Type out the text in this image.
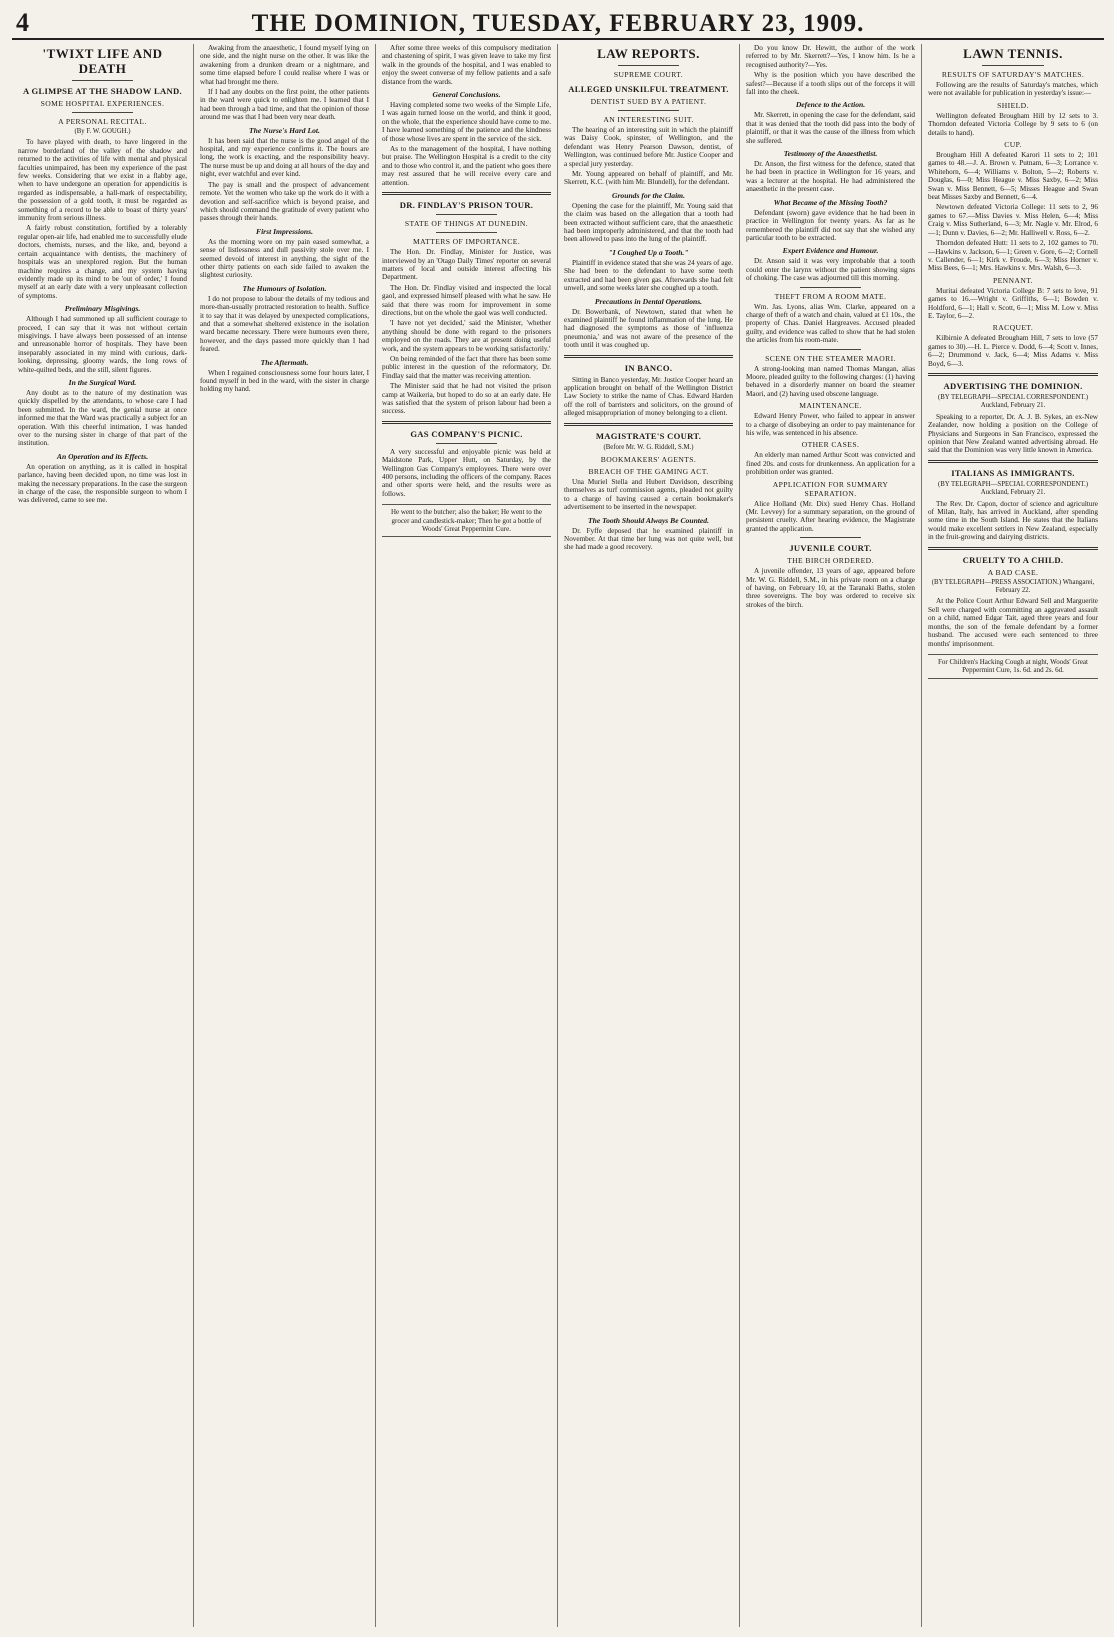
4	THE DOMINION, TUESDAY, FEBRUARY 23, 1909.
'TWIXT LIFE AND DEATH
A GLIMPSE AT THE SHADOW LAND.
SOME HOSPITAL EXPERIENCES.
A PERSONAL RECITAL.
(By F. W. GOUGH.)

To have played with death, to have lingered in the narrow borderland of the valley of the shadow and returned to the activities of life with mental and physical faculties unimpaired, has been my experience of the past few weeks. Considering that we exist in a flabby age, when to have undergone an operation for appendicitis is regarded as indispensable, a hall-mark of respectability, the possession of a gold tooth, it must be regarded as something of a record to be able to boast of thirty years' immunity from serious illness.

A fairly robust constitution, fortified by a tolerably regular open-air life, had enabled me to successfully elude doctors, chemists, nurses, and the like, and, beyond a certain acquaintance with dentists, the machinery of hospitals was an unexplored region. But the human machine requires a change, and my system having evidently made up its mind to be 'out of order,' I found myself at an early date with a very unpleasant collection of symptoms.

Preliminary Misgivings.

Although I had summoned up all sufficient courage to proceed, I can say that it was not without certain misgivings. I have always been possessed of an intense and unreasonable horror of hospitals. They have been inseparably associated in my mind with curious, dark-looking, depressing, gloomy wards, the long rows of white-quilted beds, and the still, silent figures.

In the Surgical Ward.

Any doubt as to the nature of my destination was quickly dispelled by the attendants, to whose care I had been submitted. In the ward, the genial nurse at once informed me that the Ward was practically a subject for an operation. With this cheerful intimation, I was handed over to the nursing sister in charge of that part of the institution.

An Operation and its Effects.

An operation on anything, as it is called in hospital parlance, having been decided upon, no time was lost in making the necessary preparations. In the case the surgeon in charge of the case, the responsible surgeon to whom I was delivered, came to see me.

Awaking from the anaesthetic, I found myself lying on one side, and the night nurse on the other. It was like the awakening from a drunken dream or a nightmare, and some time elapsed before I could realise where I was or what had brought me there.

If I had any doubts on the first point, the other patients in the ward were quick to enlighten me. I learned that I had been through a bad time, and that the opinion of those around me was that I had been very near death.

The Nurse's Hard Lot.

It has been said that the nurse is the good angel of the hospital, and my experience confirms it. The hours are long, the work is exacting, and the responsibility heavy. The nurse must be up and doing at all hours of the day and night, ever watchful and ever kind.

The pay is small and the prospect of advancement remote. Yet the women who take up the work do it with a devotion and self-sacrifice which is beyond praise, and which should command the gratitude of every patient who passes through their hands.

First Impressions.

As the morning wore on my pain eased somewhat, a sense of listlessness and dull passivity stole over me. I seemed devoid of interest in anything, the sight of the other thirty patients on each side failed to awaken the slightest curiosity.

The Humours of Isolation.

I do not propose to labour the details of my tedious and more-than-usually protracted restoration to health. Suffice it to say that it was delayed by unexpected complications, and that a somewhat sheltered existence in the isolation ward became necessary. There were humours even there, however, and the days passed more quickly than I had feared.

The Aftermath.

When I regained consciousness some four hours later, I found myself in bed in the ward, with the sister in charge holding my hand.

After some three weeks of this compulsory meditation and chastening of spirit, I was given leave to take my first walk in the grounds of the hospital, and I was enabled to enjoy the sweet converse of my fellow patients and a safe distance from the wards.

General Conclusions.

Having completed some two weeks of the Simple Life, I was again turned loose on the world, and think it good, on the whole, that the experience should have come to me. I have learned something of the patience and the kindness of those whose lives are spent in the service of the sick.

As to the management of the hospital, I have nothing but praise. The Wellington Hospital is a credit to the city and to those who control it, and the patient who goes there may rest assured that he will receive every care and attention.

DR. FINDLAY'S PRISON TOUR.
STATE OF THINGS AT DUNEDIN.
MATTERS OF IMPORTANCE.

The Hon. Dr. Findlay, Minister for Justice, was interviewed by an 'Otago Daily Times' reporter on several matters of local and outside interest affecting his Department.

The Hon. Dr. Findlay visited and inspected the local gaol, and expressed himself pleased with what he saw. He said that there was room for improvement in some directions, but on the whole the gaol was well conducted.

'I have not yet decided,' said the Minister, 'whether anything should be done with regard to the prisoners employed on the roads. They are at present doing useful work, and the system appears to be working satisfactorily.'

On being reminded of the fact that there has been some public interest in the question of the reformatory, Dr. Findlay said that the matter was receiving attention.

The Minister said that he had not visited the prison camp at Waikeria, but hoped to do so at an early date. He was satisfied that the system of prison labour had been a success.

GAS COMPANY'S PICNIC.

A very successful and enjoyable picnic was held at Maidstone Park, Upper Hutt, on Saturday, by the Wellington Gas Company's employees. There were over 400 persons, including the officers of the company. Races and other sports were held, and the results were as follows.

He went to the butcher; also the baker; He went to the grocer and candlestick-maker; Then he got a bottle of Woods' Great Peppermint Cure.
LAW REPORTS.
SUPREME COURT.
ALLEGED UNSKILFUL TREATMENT.
DENTIST SUED BY A PATIENT.
AN INTERESTING SUIT.

The hearing of an interesting suit in which the plaintiff was Daisy Cook, spinster, of Wellington, and the defendant was Henry Pearson Dawson, dentist, of Wellington, was continued before Mr. Justice Cooper and a special jury yesterday.

Mr. Young appeared on behalf of plaintiff, and Mr. Skerrett, K.C. (with him Mr. Blundell), for the defendant.

Grounds for the Claim.

Opening the case for the plaintiff, Mr. Young said that the claim was based on the allegation that a tooth had been extracted without sufficient care, that the anaesthetic had been improperly administered, and that the tooth had been allowed to pass into the lung of the plaintiff.

"I Coughed Up a Tooth."

Plaintiff in evidence stated that she was 24 years of age. She had been to the defendant to have some teeth extracted and had been given gas. Afterwards she had felt unwell, and some weeks later she coughed up a tooth.

Precautions in Dental Operations.

Dr. Bowerbank, of Newtown, stated that when he examined plaintiff he found inflammation of the lung. He had diagnosed the symptoms as those of 'influenza pneumonia,' and was not aware of the presence of the tooth until it was coughed up.

IN BANCO.

Sitting in Banco yesterday, Mr. Justice Cooper heard an application brought on behalf of the Wellington District Law Society to strike the name of Chas. Edward Harden off the roll of barristers and solicitors, on the ground of alleged misappropriation of money belonging to a client.

MAGISTRATE'S COURT.
(Before Mr. W. G. Riddell, S.M.)
BOOKMAKERS' AGENTS.
BREACH OF THE GAMING ACT.

Una Muriel Stella and Hubert Davidson, describing themselves as turf commission agents, pleaded not guilty to a charge of having caused a certain bookmaker's advertisement to be inserted in the newspaper.

The Tooth Should Always Be Counted.

Dr. Fyffe deposed that he examined plaintiff in November. At that time her lung was not quite well, but she had made a good recovery.

Do you know Dr. Hewitt, the author of the work referred to by Mr. Skerrett?—Yes, I know him. Is he a recognised authority?—Yes.

Why is the position which you have described the safest?—Because if a tooth slips out of the forceps it will fall into the cheek.

Defence to the Action.

Mr. Skerrett, in opening the case for the defendant, said that it was denied that the tooth did pass into the body of plaintiff, or that it was the cause of the illness from which she suffered.

Testimony of the Anaesthetist.

Dr. Anson, the first witness for the defence, stated that he had been in practice in Wellington for 16 years, and was a lecturer at the hospital. He had administered the anaesthetic in the present case.

What Became of the Missing Tooth?

Defendant (sworn) gave evidence that he had been in practice in Wellington for twenty years. As far as he remembered the plaintiff did not say that she wished any particular tooth to be extracted.

Expert Evidence and Humour.

Dr. Anson said it was very improbable that a tooth could enter the larynx without the patient showing signs of choking. The case was adjourned till this morning.

THEFT FROM A ROOM MATE.

Wm. Jas. Lyons, alias Wm. Clarke, appeared on a charge of theft of a watch and chain, valued at £1 10s., the property of Chas. Daniel Hargreaves. Accused pleaded guilty, and evidence was called to show that he had stolen the articles from his room-mate.

SCENE ON THE STEAMER MAORI.

A strong-looking man named Thomas Mangan, alias Moore, pleaded guilty to the following charges: (1) having behaved in a disorderly manner on board the steamer Maori, and (2) having used obscene language.

MAINTENANCE.

Edward Henry Power, who failed to appear in answer to a charge of disobeying an order to pay maintenance for his wife, was sentenced in his absence.

OTHER CASES.

An elderly man named Arthur Scott was convicted and fined 20s. and costs for drunkenness. An application for a prohibition order was granted.

APPLICATION FOR SUMMARY SEPARATION.

Alice Holland (Mr. Dix) sued Henry Chas. Holland (Mr. Levvey) for a summary separation, on the ground of persistent cruelty. After hearing evidence, the Magistrate granted the application.

JUVENILE COURT.
THE BIRCH ORDERED.

A juvenile offender, 13 years of age, appeared before Mr. W. G. Riddell, S.M., in his private room on a charge of having, on February 10, at the Taranaki Baths, stolen three sovereigns. The boy was ordered to receive six strokes of the birch.

LAWN TENNIS.
RESULTS OF SATURDAY'S MATCHES.

Following are the results of Saturday's matches, which were not available for publication in yesterday's issue:—

SHIELD.

Wellington defeated Brougham Hill by 12 sets to 3. Thorndon defeated Victoria College by 9 sets to 6 (on details to hand).

CUP.

Brougham Hill A defeated Karori 11 sets to 2; 101 games to 48.—J. A. Brown v. Putnam, 6—3; Lorrance v. Whitehorn, 6—4; Williams v. Bolton, 5—2; Roberts v. Douglas, 6—0; Miss Heague v. Miss Saxby, 6—2; Miss Swan v. Miss Bennett, 6—5; Misses Heague and Swan beat Misses Saxby and Bennett, 6—4.

Newtown defeated Victoria College: 11 sets to 2, 96 games to 67.—Miss Davies v. Miss Helen, 6—4; Miss Craig v. Miss Sutherland, 6—3; Mr. Nagle v. Mr. Elrod, 6—1; Dunn v. Davies, 6—2; Mr. Halliwell v. Ross, 6—2.

Thorndon defeated Hutt: 11 sets to 2, 102 games to 70.—Hawkins v. Jackson, 6—1; Green v. Gore, 6—2; Cornell v. Callender, 6—1; Kirk v. Froude, 6—3; Miss Horner v. Miss Bees, 6—1; Mrs. Hawkins v. Mrs. Walsh, 6—3.

PENNANT.

Muritai defeated Victoria College B: 7 sets to love, 91 games to 16.—Wright v. Griffiths, 6—1; Bowden v. Holdford, 6—1; Hall v. Scott, 6—1; Miss M. Low v. Miss E. Taylor, 6—2.

RACQUET.

Kilbirnie A defeated Brougham Hill, 7 sets to love (57 games to 30).—H. L. Pierce v. Dodd, 6—4; Scott v. Innes, 6—2; Drummond v. Jack, 6—4; Miss Adams v. Miss Boyd, 6—3.

ADVERTISING THE DOMINION.
(BY TELEGRAPH—SPECIAL CORRESPONDENT.) Auckland, February 21.

Speaking to a reporter, Dr. A. J. B. Sykes, an ex-New Zealander, now holding a position on the College of Physicians and Surgeons in San Francisco, expressed the opinion that New Zealand wanted advertising abroad. He said that the Dominion was very little known in America.

ITALIANS AS IMMIGRANTS.
(BY TELEGRAPH—SPECIAL CORRESPONDENT.) Auckland, February 21.

The Rev. Dr. Capon, doctor of science and agriculture of Milan, Italy, has arrived in Auckland, after spending some time in the South Island. He states that the Italians would make excellent settlers in New Zealand, especially in the fruit-growing and dairying districts.

CRUELTY TO A CHILD.
A BAD CASE.
(BY TELEGRAPH—PRESS ASSOCIATION.) Whangarei, February 22.

At the Police Court Arthur Edward Sell and Marguerite Sell were charged with committing an aggravated assault on a child, named Edgar Tait, aged three years and four months, the son of the female defendant by a former husband. The accused were each sentenced to three months' imprisonment.

For Children's Hacking Cough at night, Woods' Great Peppermint Cure, 1s. 6d. and 2s. 6d.
